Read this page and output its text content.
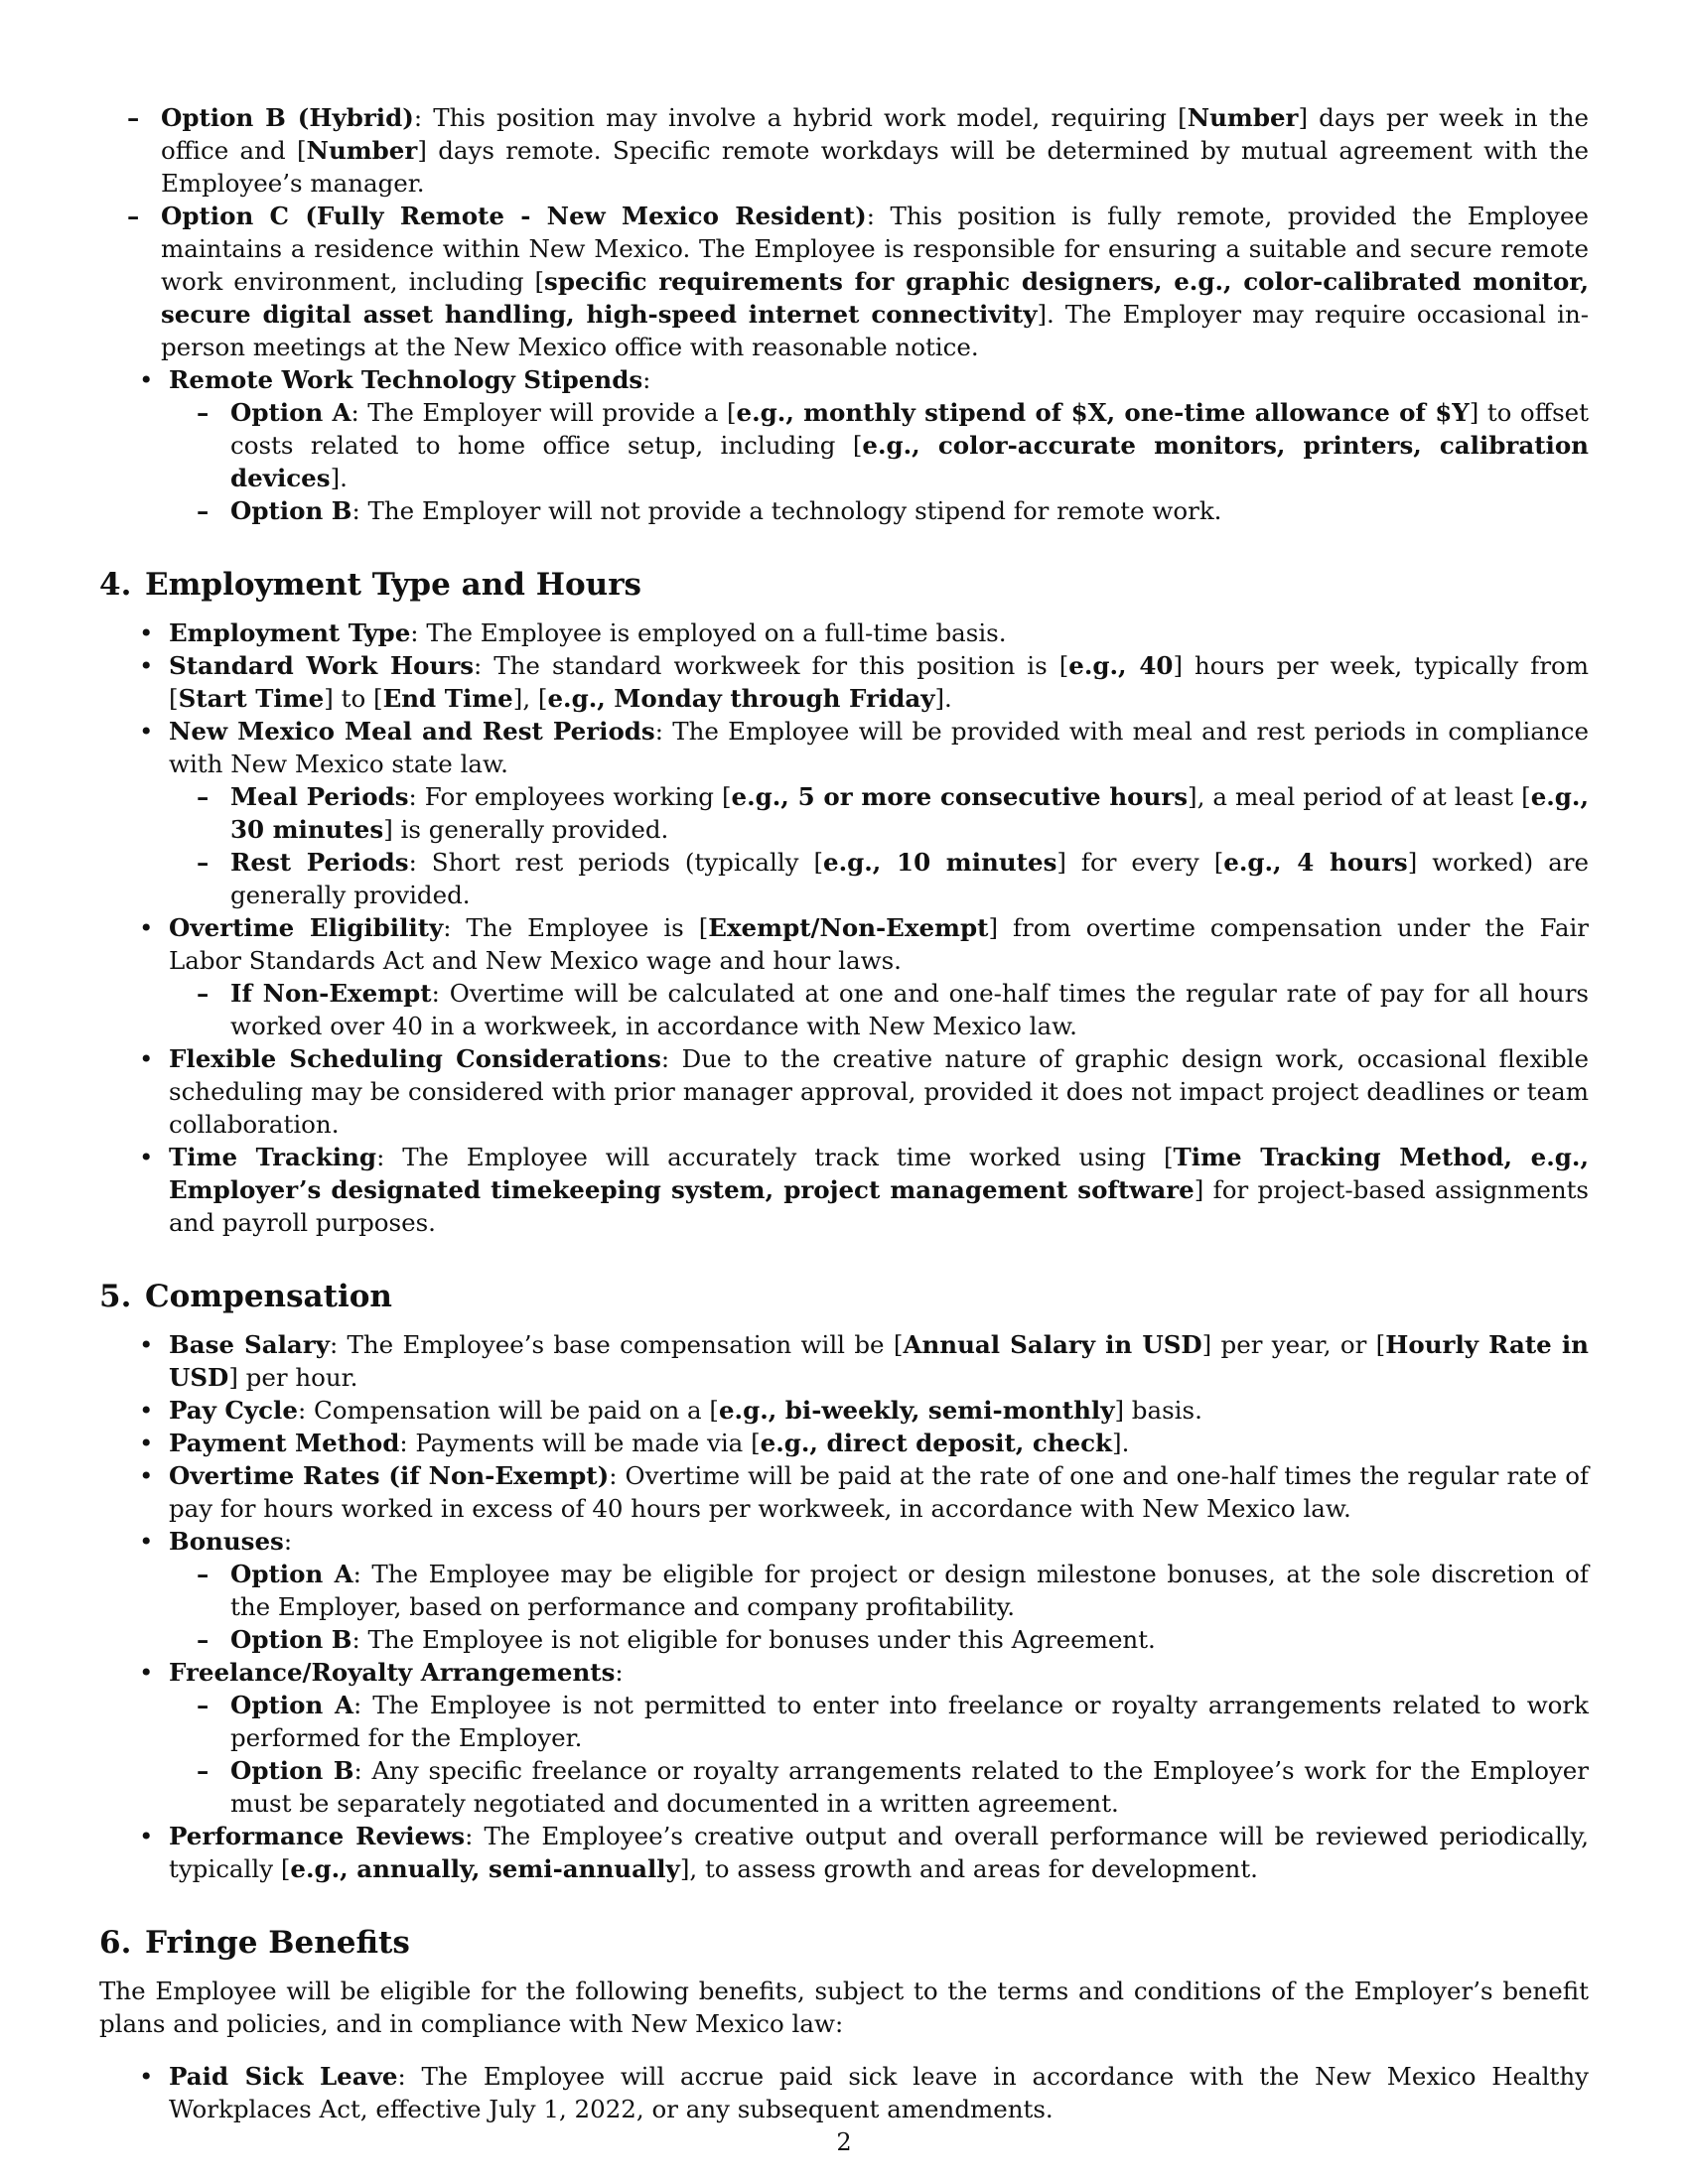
– Option B (Hybrid): This position may involve a hybrid work model, requiring [Number] days per week in the office and [Number] days remote. Specific remote workdays will be determined by mutual agreement with the Employee’s manager.
– Option C (Fully Remote - New Mexico Resident): This position is fully remote, provided the Employee maintains a residence within New Mexico. The Employee is responsible for ensuring a suitable and secure remote work environment, including [specific requirements for graphic designers, e.g., color-calibrated monitor, secure digital asset handling, high-speed internet connectivity]. The Employer may require occasional in-person meetings at the New Mexico office with reasonable notice.
• Remote Work Technology Stipends:
– Option A: The Employer will provide a [e.g., monthly stipend of $X, one-time allowance of $Y] to offset costs related to home office setup, including [e.g., color-accurate monitors, printers, calibration devices].
– Option B: The Employer will not provide a technology stipend for remote work.
4. Employment Type and Hours
• Employment Type: The Employee is employed on a full-time basis.
• Standard Work Hours: The standard workweek for this position is [e.g., 40] hours per week, typically from [Start Time] to [End Time], [e.g., Monday through Friday].
• New Mexico Meal and Rest Periods: The Employee will be provided with meal and rest periods in compliance with New Mexico state law.
– Meal Periods: For employees working [e.g., 5 or more consecutive hours], a meal period of at least [e.g., 30 minutes] is generally provided.
– Rest Periods: Short rest periods (typically [e.g., 10 minutes] for every [e.g., 4 hours] worked) are generally provided.
• Overtime Eligibility: The Employee is [Exempt/Non-Exempt] from overtime compensation under the Fair Labor Standards Act and New Mexico wage and hour laws.
– If Non-Exempt: Overtime will be calculated at one and one-half times the regular rate of pay for all hours worked over 40 in a workweek, in accordance with New Mexico law.
• Flexible Scheduling Considerations: Due to the creative nature of graphic design work, occasional flexible scheduling may be considered with prior manager approval, provided it does not impact project deadlines or team collaboration.
• Time Tracking: The Employee will accurately track time worked using [Time Tracking Method, e.g., Employer’s designated timekeeping system, project management software] for project-based assignments and payroll purposes.
5. Compensation
• Base Salary: The Employee’s base compensation will be [Annual Salary in USD] per year, or [Hourly Rate in USD] per hour.
• Pay Cycle: Compensation will be paid on a [e.g., bi-weekly, semi-monthly] basis.
• Payment Method: Payments will be made via [e.g., direct deposit, check].
• Overtime Rates (if Non-Exempt): Overtime will be paid at the rate of one and one-half times the regular rate of pay for hours worked in excess of 40 hours per workweek, in accordance with New Mexico law.
• Bonuses:
– Option A: The Employee may be eligible for project or design milestone bonuses, at the sole discretion of the Employer, based on performance and company profitability.
– Option B: The Employee is not eligible for bonuses under this Agreement.
• Freelance/Royalty Arrangements:
– Option A: The Employee is not permitted to enter into freelance or royalty arrangements related to work performed for the Employer.
– Option B: Any specific freelance or royalty arrangements related to the Employee’s work for the Employer must be separately negotiated and documented in a written agreement.
• Performance Reviews: The Employee’s creative output and overall performance will be reviewed periodically, typically [e.g., annually, semi-annually], to assess growth and areas for development.
6. Fringe Benefits

The Employee will be eligible for the following benefits, subject to the terms and conditions of the Employer’s benefit plans and policies, and in compliance with New Mexico law:

• Paid Sick Leave: The Employee will accrue paid sick leave in accordance with the New Mexico Healthy Workplaces Act, effective July 1, 2022, or any subsequent amendments.
2
